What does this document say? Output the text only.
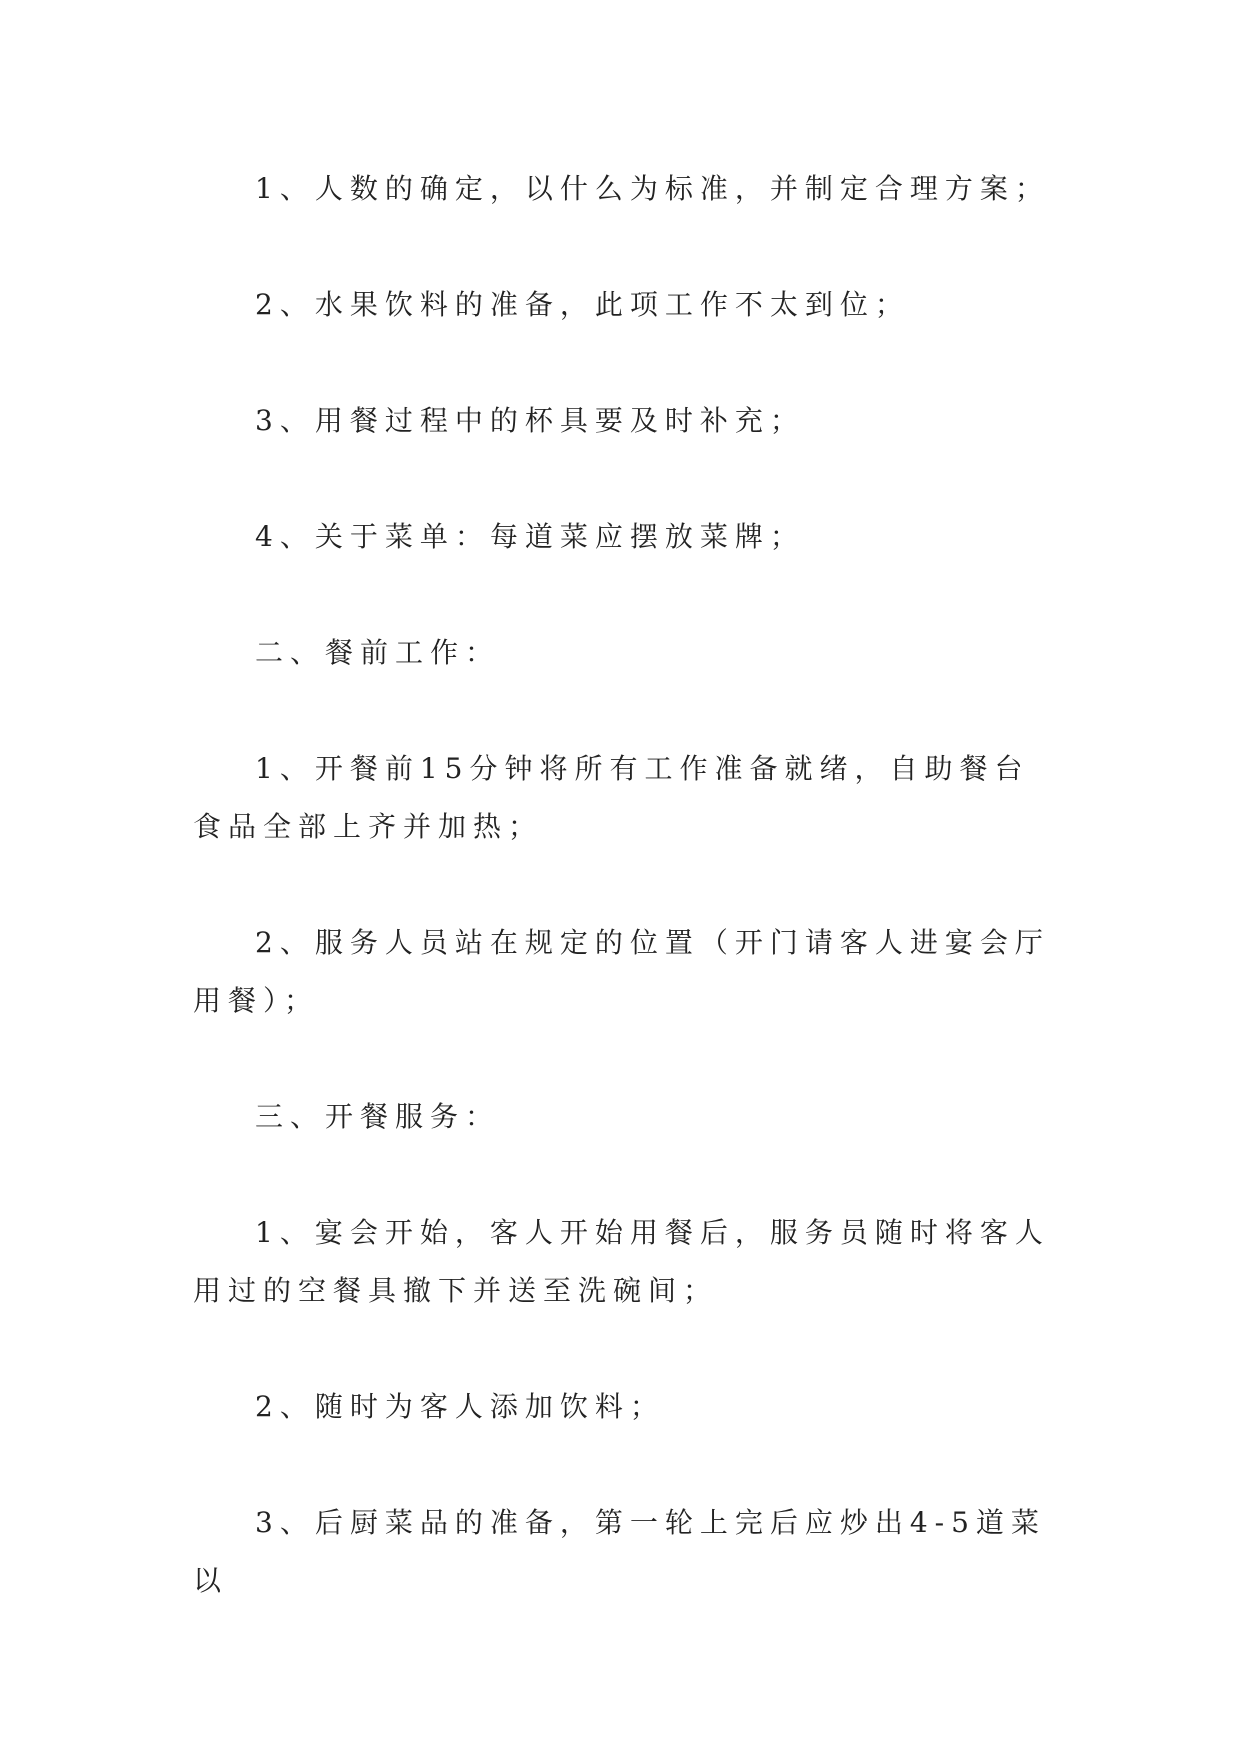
1、人数的确定，以什么为标准，并制定合理方案；

2、水果饮料的准备，此项工作不太到位；

3、用餐过程中的杯具要及时补充；

4、关于菜单：每道菜应摆放菜牌；

二、餐前工作：

1、开餐前15分钟将所有工作准备就绪，自助餐台食品全部上齐并加热；

2、服务人员站在规定的位置（开门请客人进宴会厅用餐）；

三、开餐服务：

1、宴会开始，客人开始用餐后，服务员随时将客人用过的空餐具撤下并送至洗碗间；

2、随时为客人添加饮料；

3、后厨菜品的准备，第一轮上完后应炒出4-5道菜以
